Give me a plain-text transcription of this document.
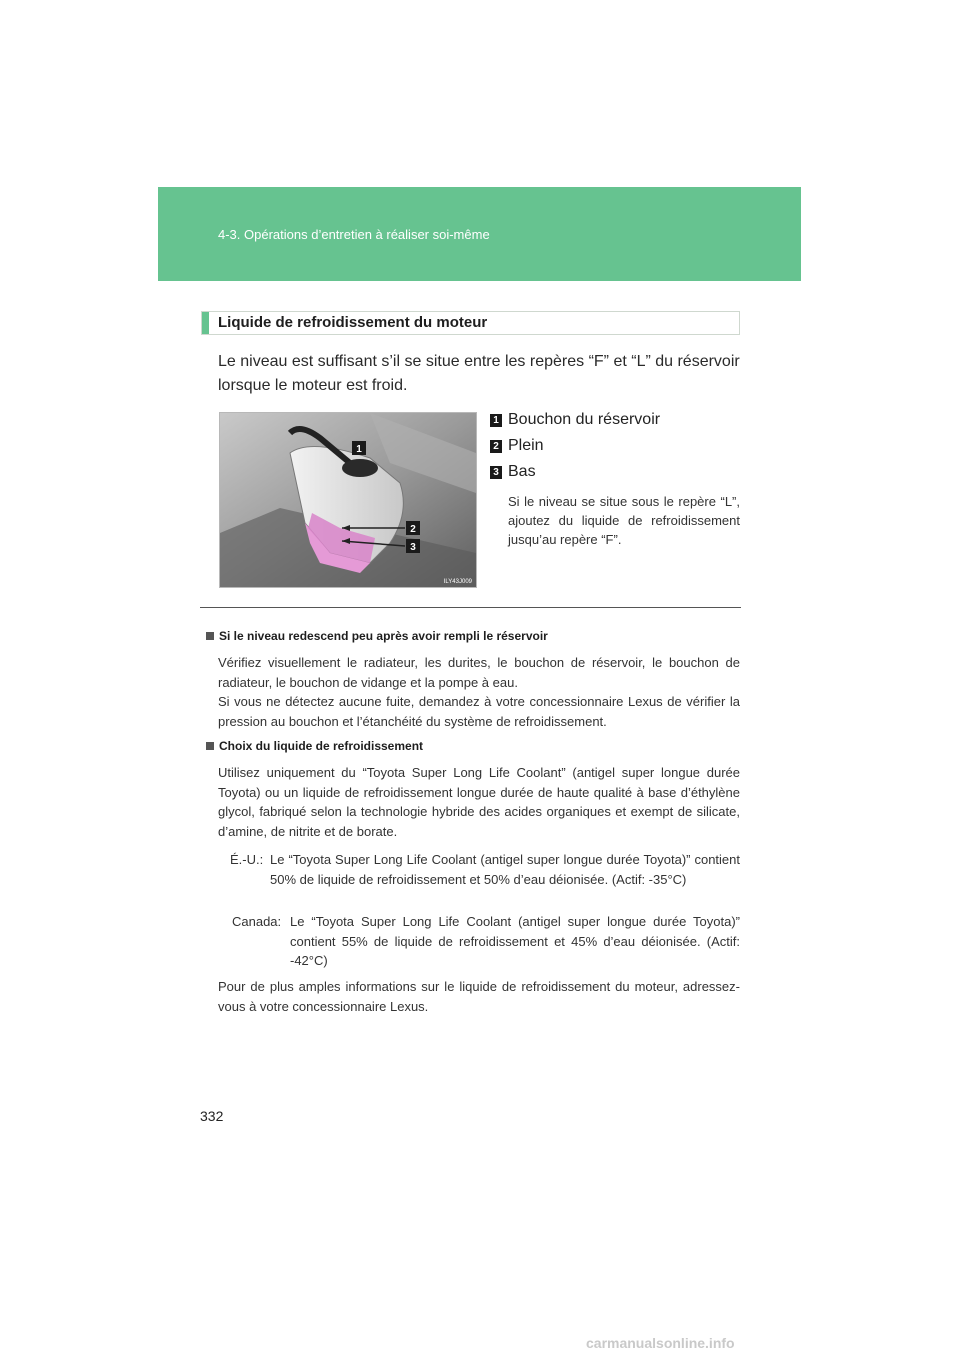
4-3. Opérations d’entretien à réaliser soi-même
Liquide de refroidissement du moteur
Le niveau est suffisant s’il se situe entre les repères “F” et “L” du réservoir lorsque le moteur est froid.
1
2
3
ILY43J009
1 Bouchon du réservoir
2 Plein
3 Bas
Si le niveau se situe sous le repère “L”, ajoutez du liquide de refroidissement jusqu’au repère “F”.
Si le niveau redescend peu après avoir rempli le réservoir
Vérifiez visuellement le radiateur, les durites, le bouchon de réservoir, le bouchon de radiateur, le bouchon de vidange et la pompe à eau.
Si vous ne détectez aucune fuite, demandez à votre concessionnaire Lexus de vérifier la pression au bouchon et l’étanchéité du système de refroidissement.
Choix du liquide de refroidissement
Utilisez uniquement du “Toyota Super Long Life Coolant” (antigel super longue durée Toyota) ou un liquide de refroidissement longue durée de haute qualité à base d’éthylène glycol, fabriqué selon la technologie hybride des acides organiques et exempt de silicate, d’amine, de nitrite et de borate.
É.-U.: Le “Toyota Super Long Life Coolant (antigel super longue durée Toyota)” contient 50% de liquide de refroidissement et 50% d’eau déionisée. (Actif: -35°C)
Canada: Le “Toyota Super Long Life Coolant (antigel super longue durée Toyota)” contient 55% de liquide de refroidissement et 45% d’eau déionisée. (Actif: -42°C)
Pour de plus amples informations sur le liquide de refroidissement du moteur, adressez-vous à votre concessionnaire Lexus.
332
carmanualsonline.info
